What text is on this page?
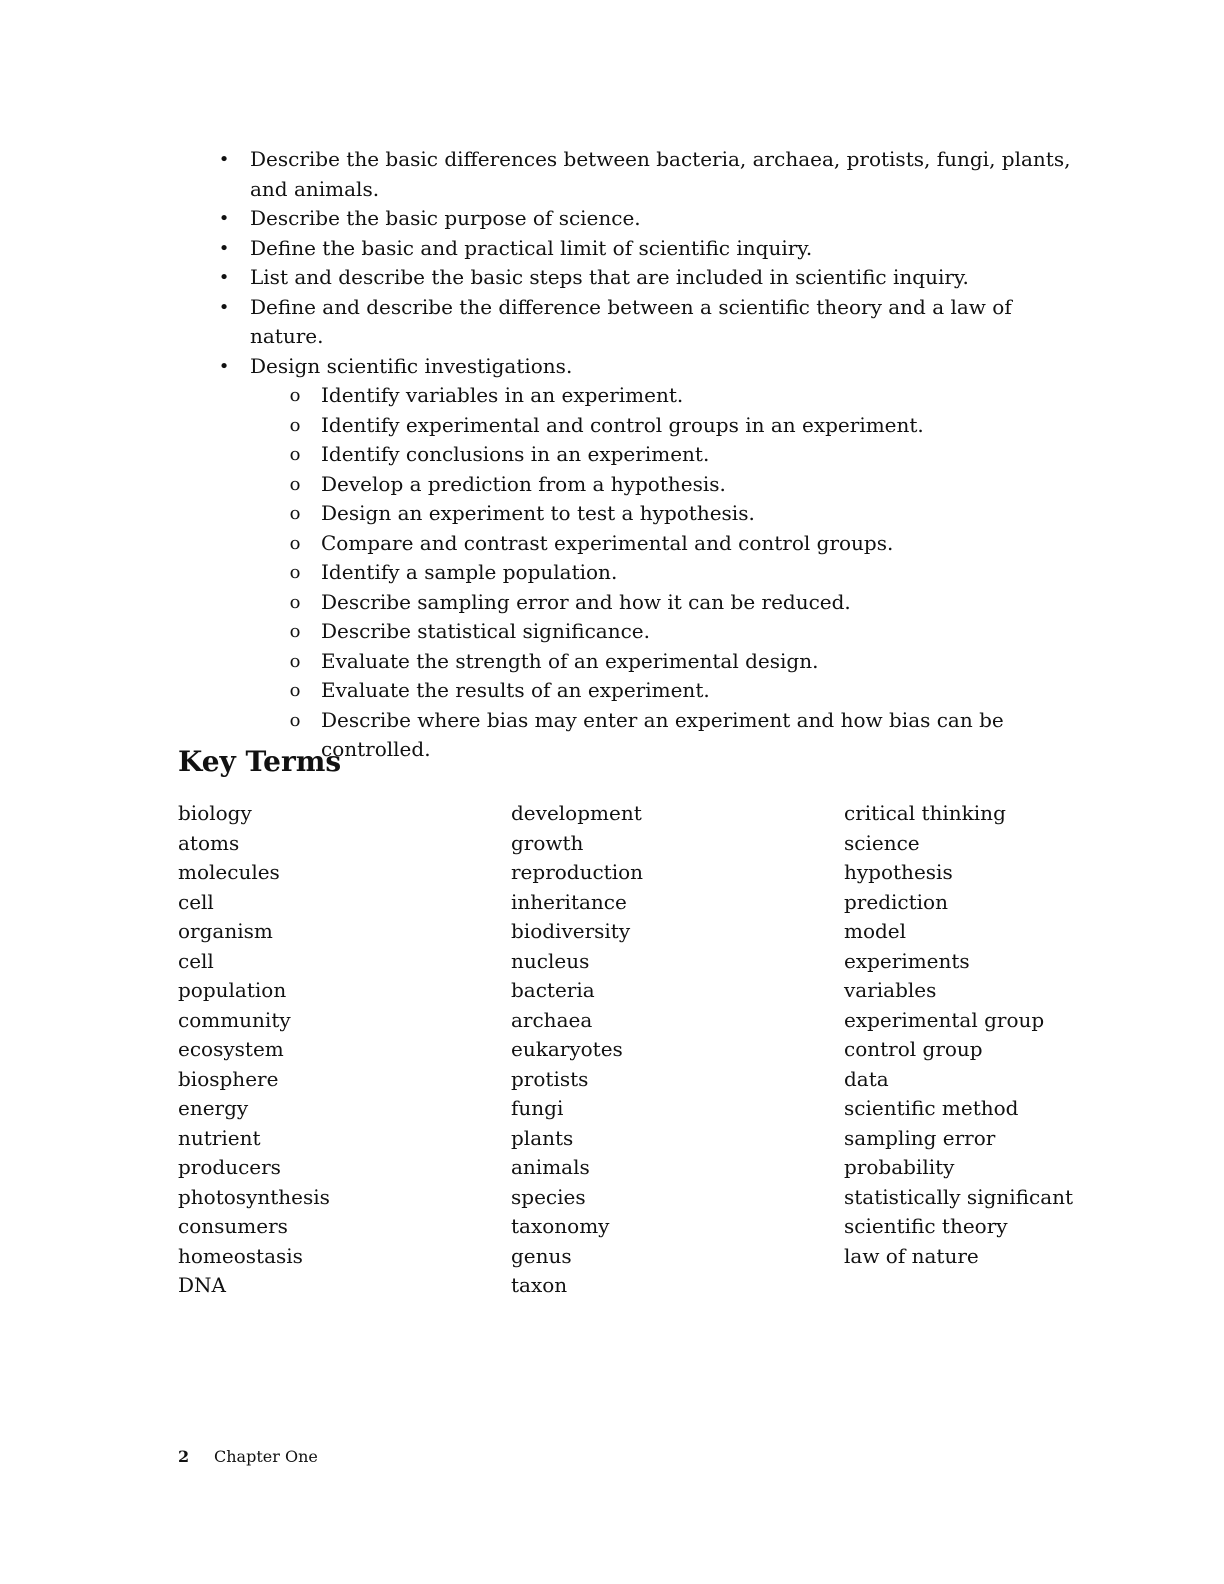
• Describe the basic differences between bacteria, archaea, protists, fungi, plants, and animals.
• Describe the basic purpose of science.
• Define the basic and practical limit of scientific inquiry.
• List and describe the basic steps that are included in scientific inquiry.
• Define and describe the difference between a scientific theory and a law of nature.
• Design scientific investigations.
o Identify variables in an experiment.
o Identify experimental and control groups in an experiment.
o Identify conclusions in an experiment.
o Develop a prediction from a hypothesis.
o Design an experiment to test a hypothesis.
o Compare and contrast experimental and control groups.
o Identify a sample population.
o Describe sampling error and how it can be reduced.
o Describe statistical significance.
o Evaluate the strength of an experimental design.
o Evaluate the results of an experiment.
o Describe where bias may enter an experiment and how bias can be controlled.
Key Terms
biology
atoms
molecules
cell
organism
cell
population
community
ecosystem
biosphere
energy
nutrient
producers
photosynthesis
consumers
homeostasis
DNA
development
growth
reproduction
inheritance
biodiversity
nucleus
bacteria
archaea
eukaryotes
protists
fungi
plants
animals
species
taxonomy
genus
taxon
critical thinking
science
hypothesis
prediction
model
experiments
variables
experimental group
control group
data
scientific method
sampling error
probability
statistically significant
scientific theory
law of nature
2 Chapter One
